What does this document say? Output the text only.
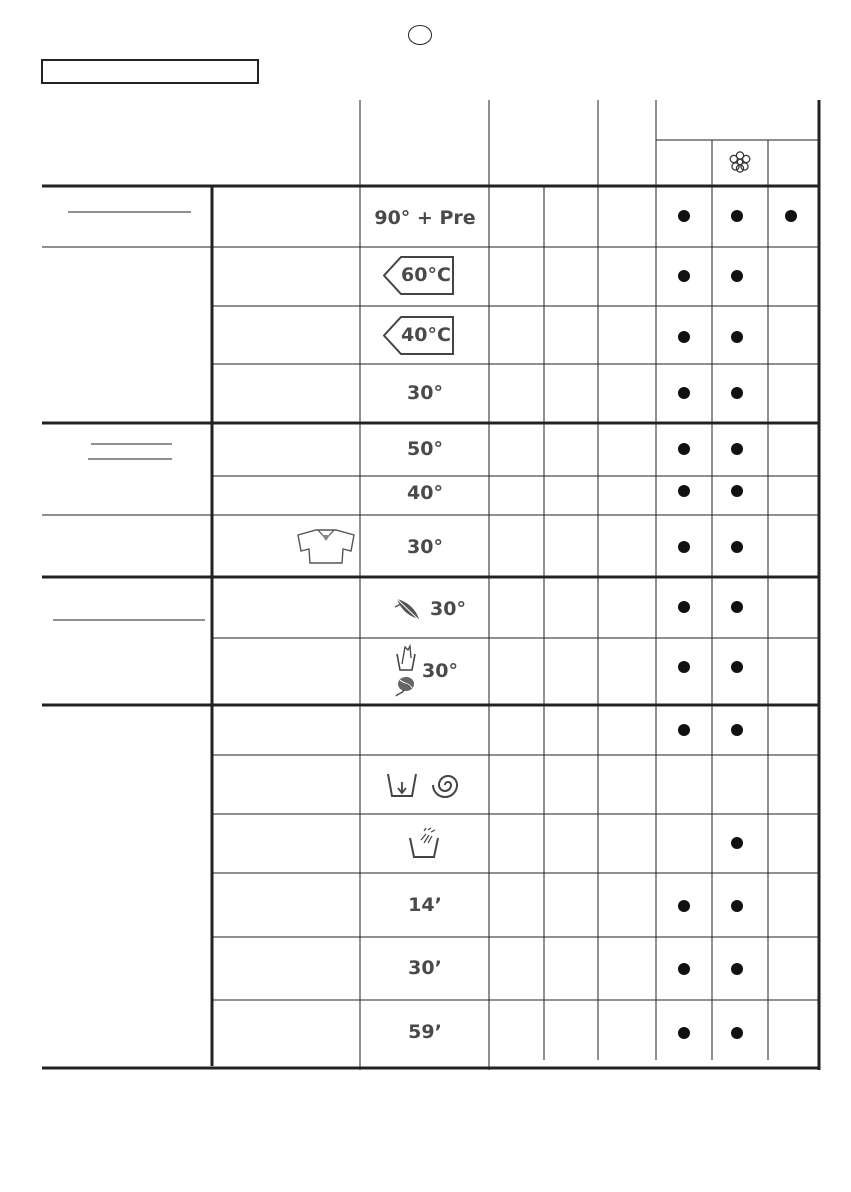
90° + Pre
60°C
40°C
30°
50°
40°
30°
30°
30°
14’
30’
59’
